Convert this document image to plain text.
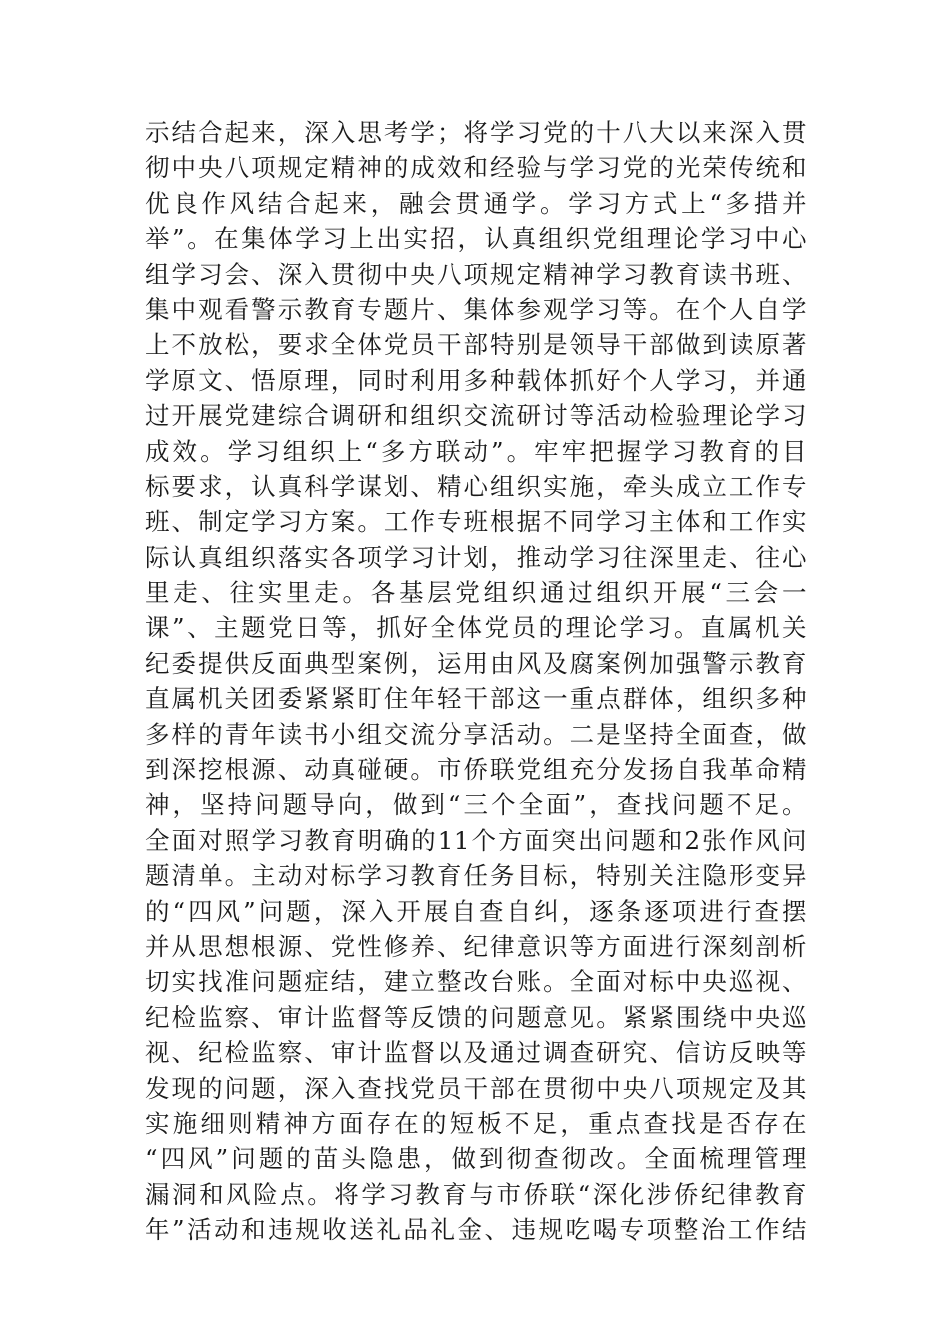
示结合起来，深入思考学；将学习党的十八大以来深入贯
彻中央八项规定精神的成效和经验与学习党的光荣传统和
优良作风结合起来，融会贯通学。学习方式上“多措并
举”。在集体学习上出实招，认真组织党组理论学习中心
组学习会、深入贯彻中央八项规定精神学习教育读书班、
集中观看警示教育专题片、集体参观学习等。在个人自学
上不放松，要求全体党员干部特别是领导干部做到读原著
学原文、悟原理，同时利用多种载体抓好个人学习，并通
过开展党建综合调研和组织交流研讨等活动检验理论学习
成效。学习组织上“多方联动”。牢牢把握学习教育的目
标要求，认真科学谋划、精心组织实施，牵头成立工作专
班、制定学习方案。工作专班根据不同学习主体和工作实
际认真组织落实各项学习计划，推动学习往深里走、往心
里走、往实里走。各基层党组织通过组织开展“三会一
课”、主题党日等，抓好全体党员的理论学习。直属机关
纪委提供反面典型案例，运用由风及腐案例加强警示教育
直属机关团委紧紧盯住年轻干部这一重点群体，组织多种
多样的青年读书小组交流分享活动。二是坚持全面查，做
到深挖根源、动真碰硬。市侨联党组充分发扬自我革命精
神，坚持问题导向，做到“三个全面”，查找问题不足。
全面对照学习教育明确的11个方面突出问题和2张作风问
题清单。主动对标学习教育任务目标，特别关注隐形变异
的“四风”问题，深入开展自查自纠，逐条逐项进行查摆
并从思想根源、党性修养、纪律意识等方面进行深刻剖析
切实找准问题症结，建立整改台账。全面对标中央巡视、
纪检监察、审计监督等反馈的问题意见。紧紧围绕中央巡
视、纪检监察、审计监督以及通过调查研究、信访反映等
发现的问题，深入查找党员干部在贯彻中央八项规定及其
实施细则精神方面存在的短板不足，重点查找是否存在
“四风”问题的苗头隐患，做到彻查彻改。全面梳理管理
漏洞和风险点。将学习教育与市侨联“深化涉侨纪律教育
年”活动和违规收送礼品礼金、违规吃喝专项整治工作结
